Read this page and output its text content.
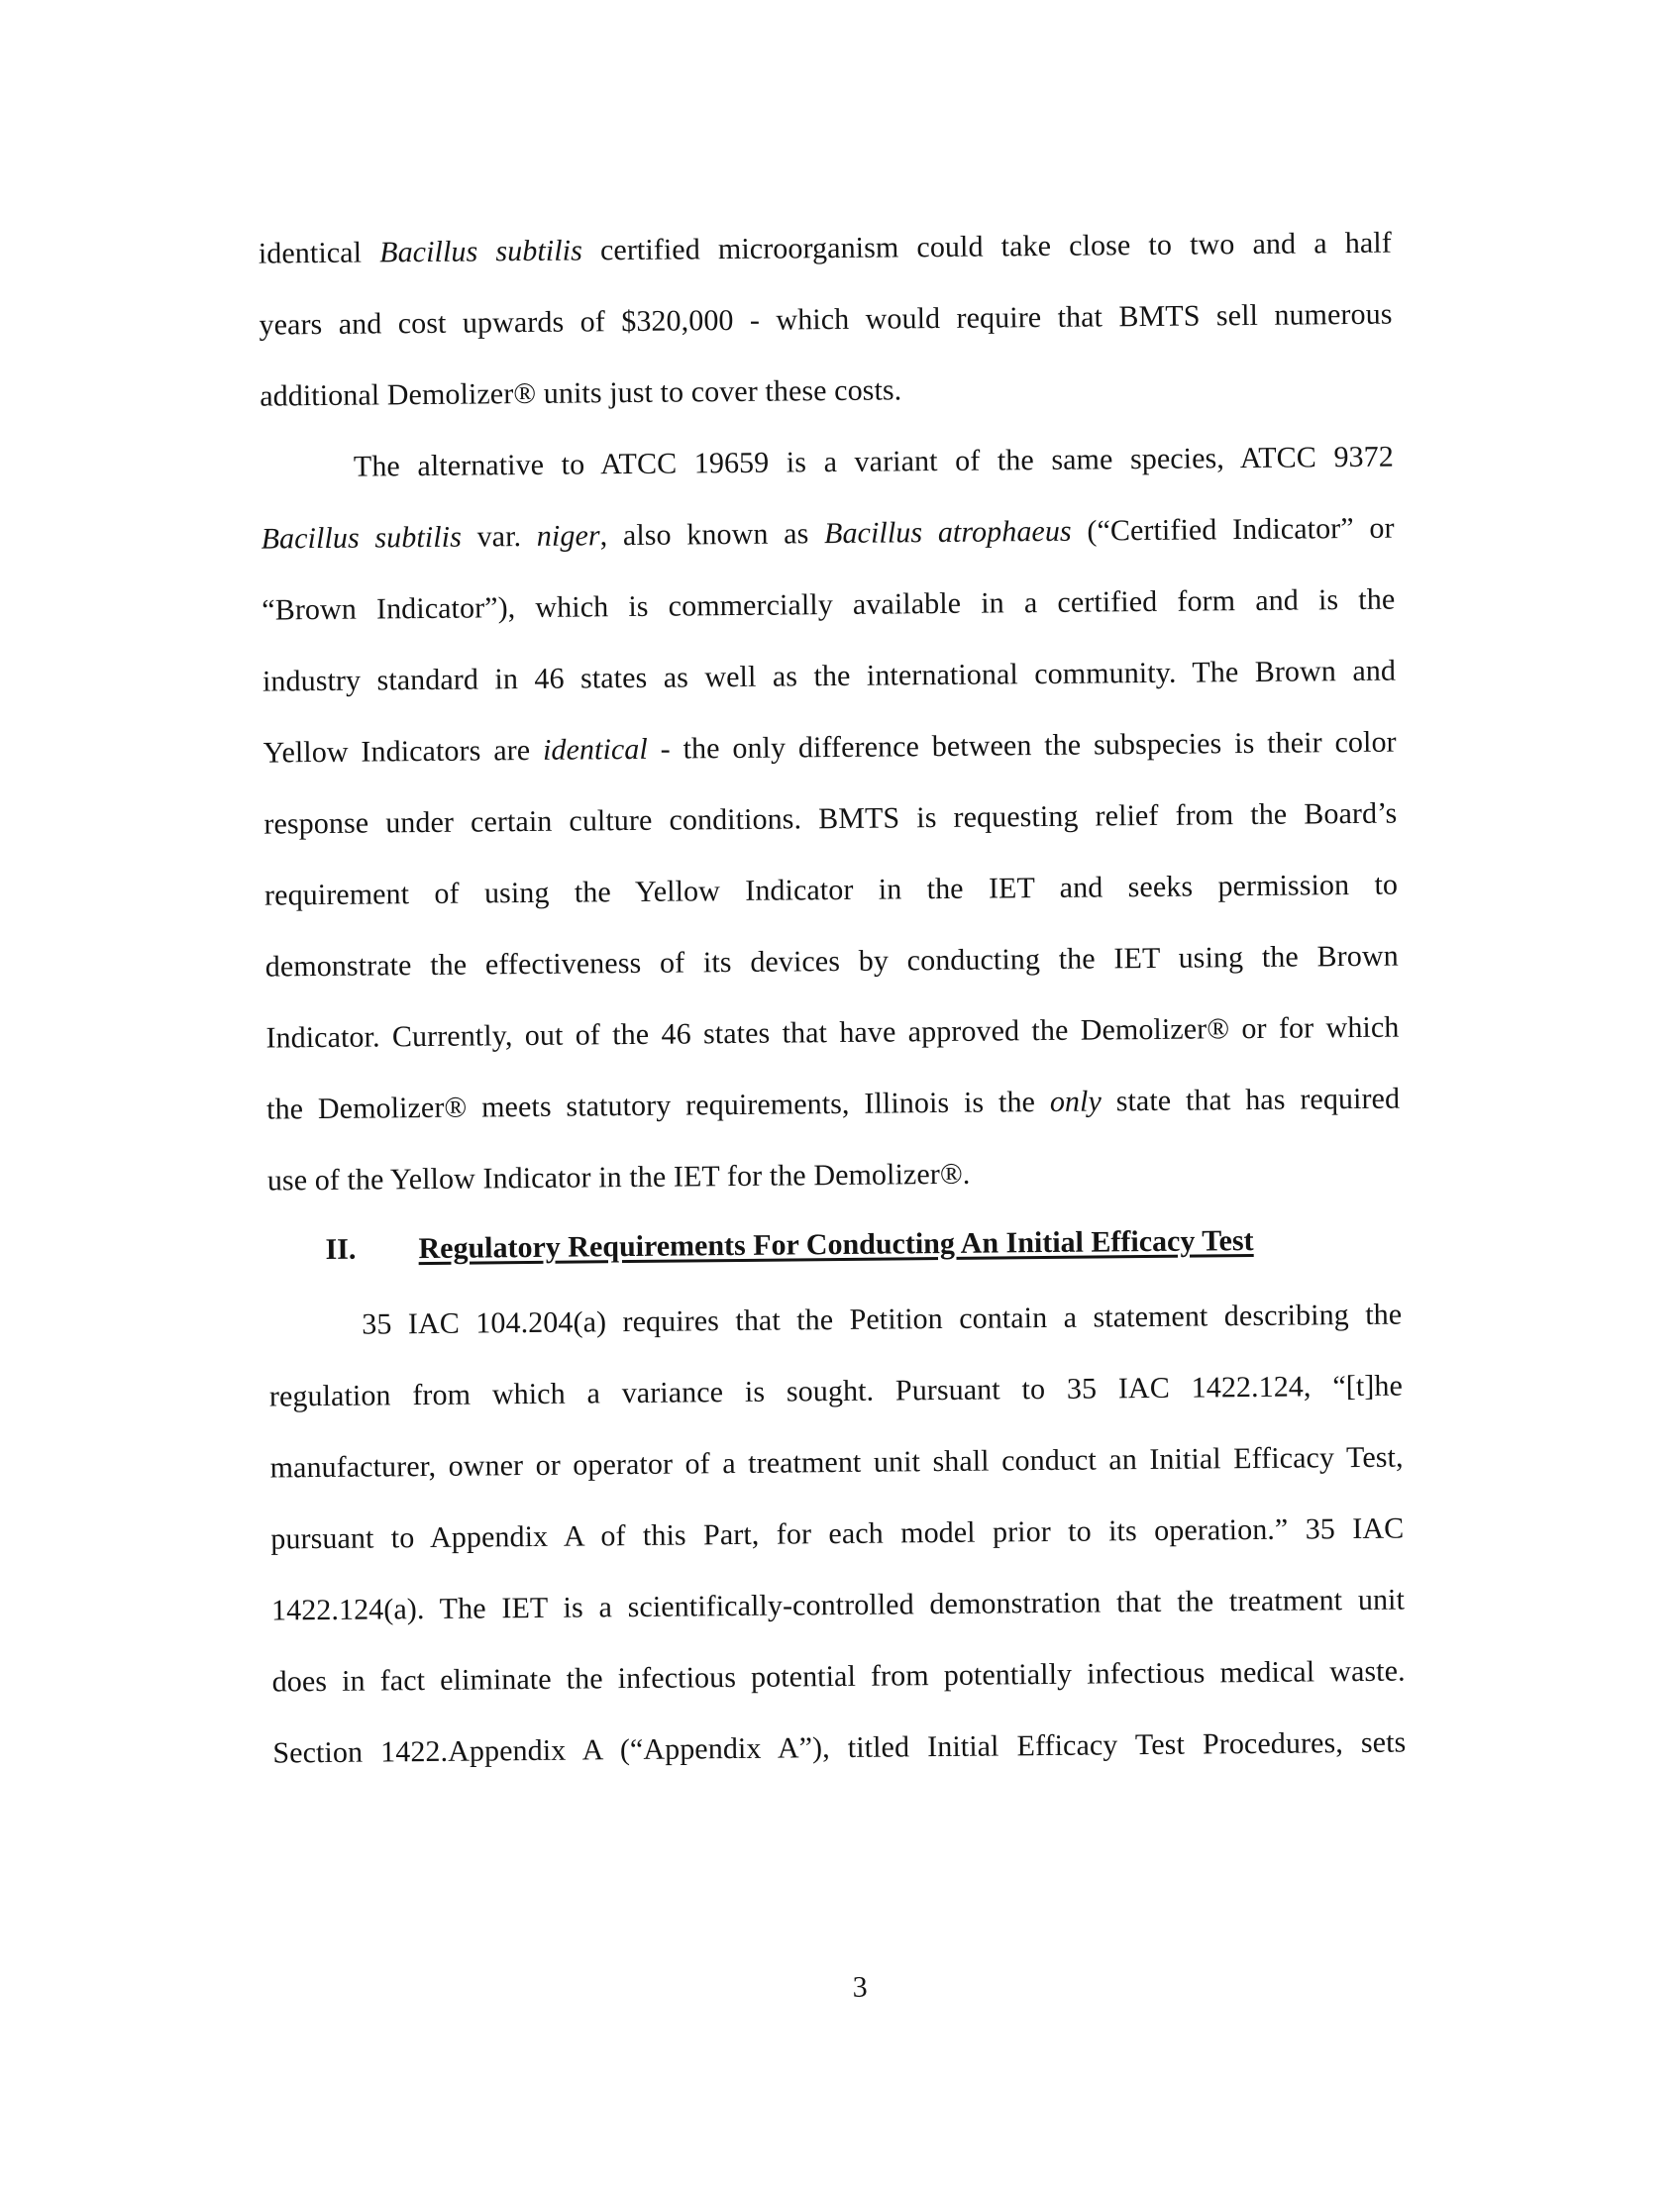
identical Bacillus subtilis certified microorganism could take close to two and a half
years and cost upwards of $320,000 - which would require that BMTS sell numerous
additional Demolizer® units just to cover these costs.
The alternative to ATCC 19659 is a variant of the same species, ATCC 9372
Bacillus subtilis var. niger, also known as Bacillus atrophaeus (“Certified Indicator” or
“Brown Indicator”), which is commercially available in a certified form and is the
industry standard in 46 states as well as the international community. The Brown and
Yellow Indicators are identical - the only difference between the subspecies is their color
response under certain culture conditions. BMTS is requesting relief from the Board’s
requirement of using the Yellow Indicator in the IET and seeks permission to
demonstrate the effectiveness of its devices by conducting the IET using the Brown
Indicator. Currently, out of the 46 states that have approved the Demolizer® or for which
the Demolizer® meets statutory requirements, Illinois is the only state that has required
use of the Yellow Indicator in the IET for the Demolizer®.
II. Regulatory Requirements For Conducting An Initial Efficacy Test
35 IAC 104.204(a) requires that the Petition contain a statement describing the
regulation from which a variance is sought. Pursuant to 35 IAC 1422.124, “[t]he
manufacturer, owner or operator of a treatment unit shall conduct an Initial Efficacy Test,
pursuant to Appendix A of this Part, for each model prior to its operation.” 35 IAC
1422.124(a). The IET is a scientifically-controlled demonstration that the treatment unit
does in fact eliminate the infectious potential from potentially infectious medical waste.
Section 1422.Appendix A (“Appendix A”), titled Initial Efficacy Test Procedures, sets
3
